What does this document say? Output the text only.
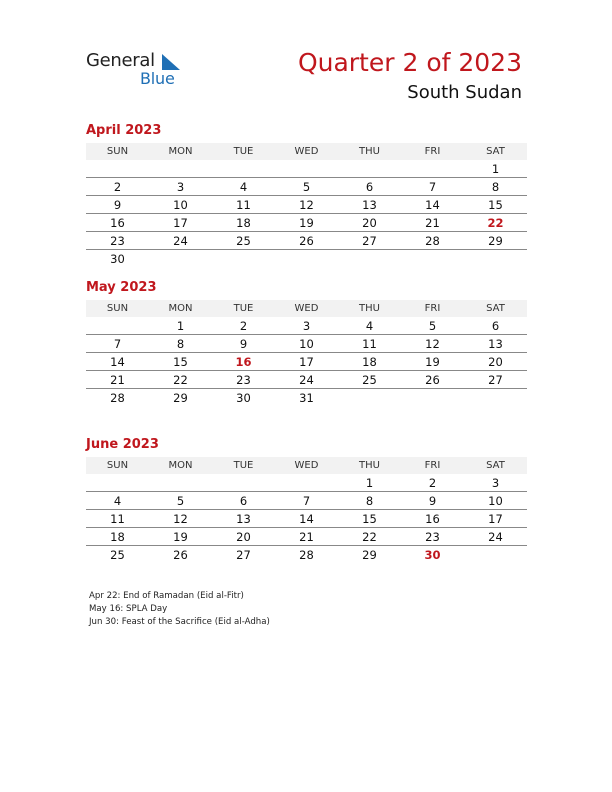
General
Blue
Quarter 2 of 2023
South Sudan
April 2023
SUN	MON	TUE	WED	THU	FRI	SAT
						1
2	3	4	5	6	7	8
9	10	11	12	13	14	15
16	17	18	19	20	21	22
23	24	25	26	27	28	29
30						
May 2023
SUN	MON	TUE	WED	THU	FRI	SAT
	1	2	3	4	5	6
7	8	9	10	11	12	13
14	15	16	17	18	19	20
21	22	23	24	25	26	27
28	29	30	31			
June 2023
SUN	MON	TUE	WED	THU	FRI	SAT
				1	2	3
4	5	6	7	8	9	10
11	12	13	14	15	16	17
18	19	20	21	22	23	24
25	26	27	28	29	30	
Apr 22: End of Ramadan (Eid al-Fitr)
May 16: SPLA Day
Jun 30: Feast of the Sacrifice (Eid al-Adha)
